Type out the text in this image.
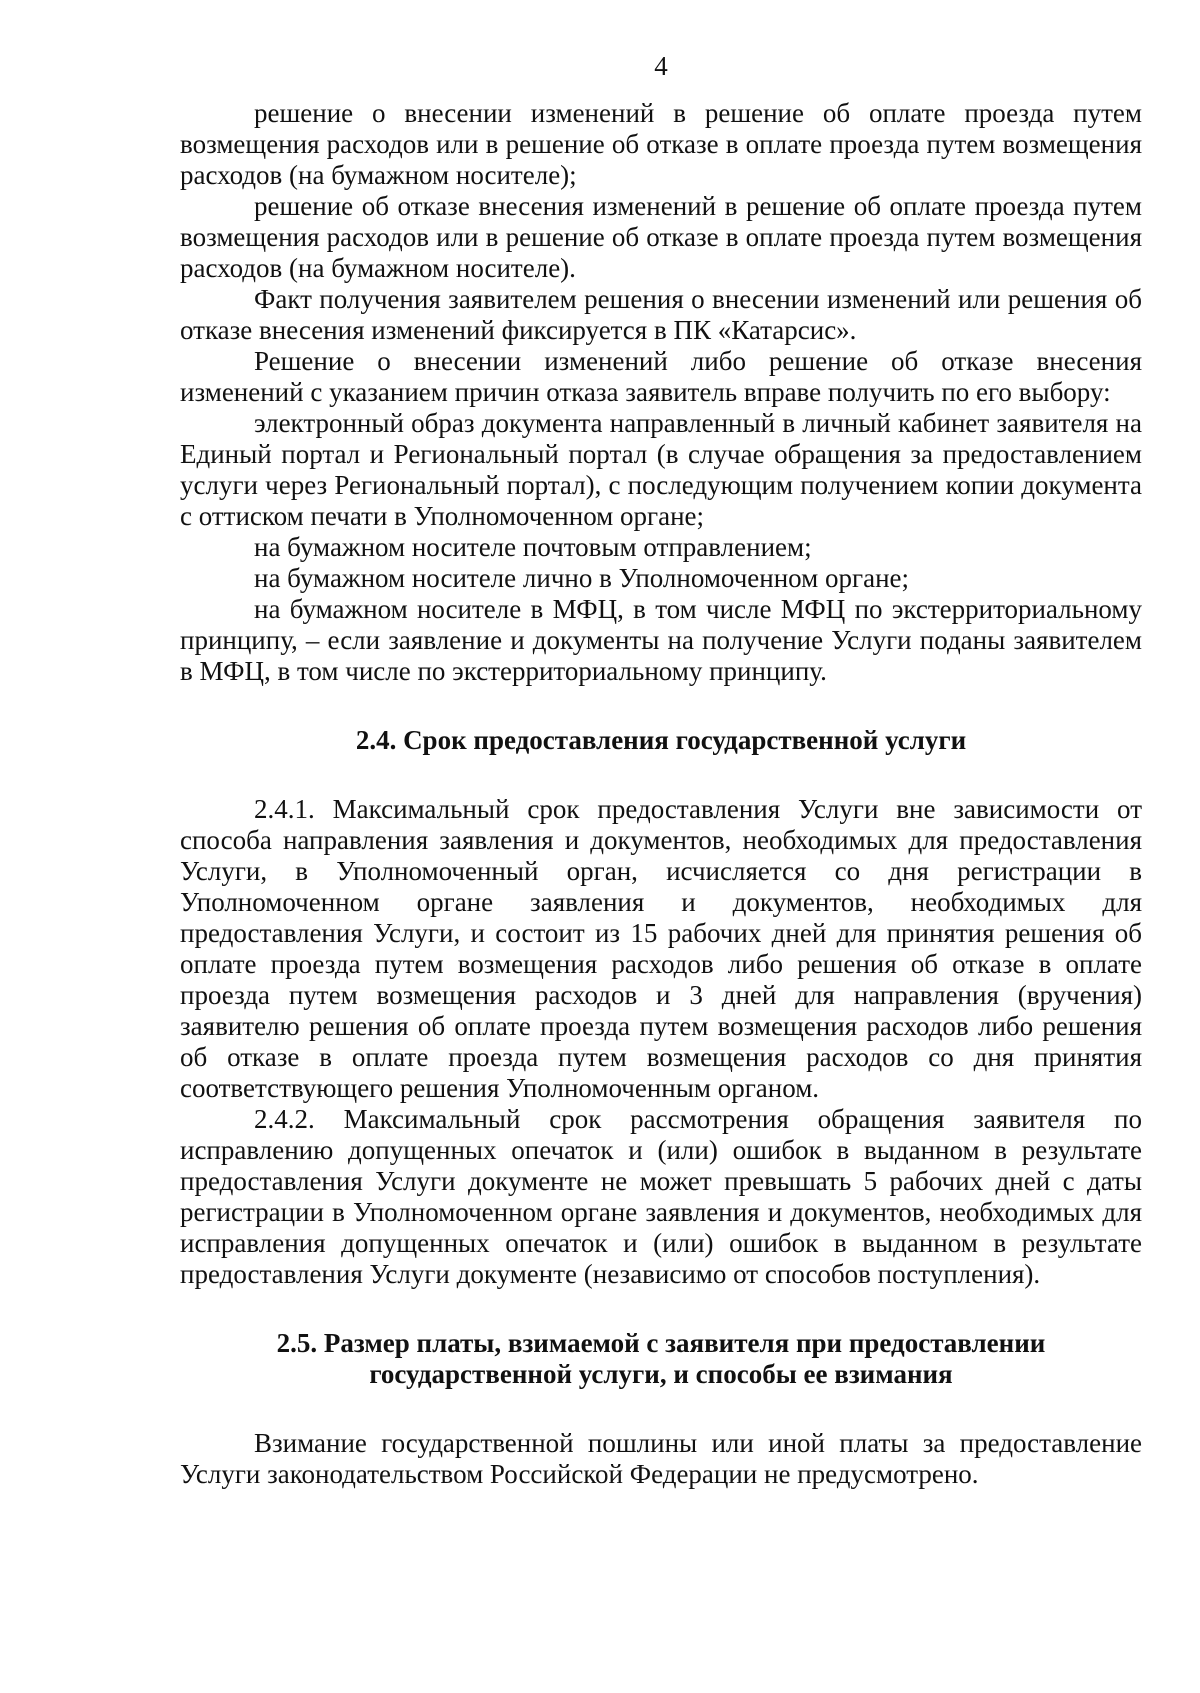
4

решение о внесении изменений в решение об оплате проезда путем возмещения расходов или в решение об отказе в оплате проезда путем возмещения расходов (на бумажном носителе);

решение об отказе внесения изменений в решение об оплате проезда путем возмещения расходов или в решение об отказе в оплате проезда путем возмещения расходов (на бумажном носителе).

Факт получения заявителем решения о внесении изменений или решения об отказе внесения изменений фиксируется в ПК «Катарсис».

Решение о внесении изменений либо решение об отказе внесения изменений с указанием причин отказа заявитель вправе получить по его выбору:

электронный образ документа направленный в личный кабинет заявителя на Единый портал и Региональный портал (в случае обращения за предоставлением услуги через Региональный портал), с последующим получением копии документа с оттиском печати в Уполномоченном органе;

на бумажном носителе почтовым отправлением;

на бумажном носителе лично в Уполномоченном органе;

на бумажном носителе в МФЦ, в том числе МФЦ по экстерриториальному принципу, – если заявление и документы на получение Услуги поданы заявителем в МФЦ, в том числе по экстерриториальному принципу.

2.4. Срок предоставления государственной услуги

2.4.1. Максимальный срок предоставления Услуги вне зависимости от способа направления заявления и документов, необходимых для предоставления Услуги, в Уполномоченный орган, исчисляется со дня регистрации в Уполномоченном органе заявления и документов, необходимых для предоставления Услуги, и состоит из 15 рабочих дней для принятия решения об оплате проезда путем возмещения расходов либо решения об отказе в оплате проезда путем возмещения расходов и 3 дней для направления (вручения) заявителю решения об оплате проезда путем возмещения расходов либо решения об отказе в оплате проезда путем возмещения расходов со дня принятия соответствующего решения Уполномоченным органом.

2.4.2. Максимальный срок рассмотрения обращения заявителя по исправлению допущенных опечаток и (или) ошибок в выданном в результате предоставления Услуги документе не может превышать 5 рабочих дней с даты регистрации в Уполномоченном органе заявления и документов, необходимых для исправления допущенных опечаток и (или) ошибок в выданном в результате предоставления Услуги документе (независимо от способов поступления).

2.5. Размер платы, взимаемой с заявителя при предоставлении
государственной услуги, и способы ее взимания

Взимание государственной пошлины или иной платы за предоставление Услуги законодательством Российской Федерации не предусмотрено.
